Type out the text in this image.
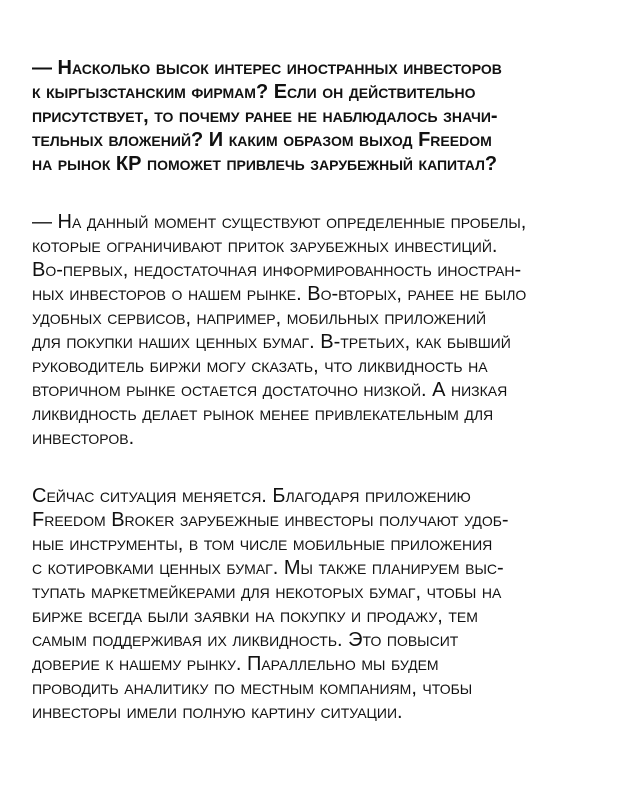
— Насколько высок интерес иностранных инвесторов
к кыргызстанским фирмам? Если он действительно
присутствует, то почему ранее не наблюдалось значи-
тельных вложений? И каким образом выход Freedom
на рынок КР поможет привлечь зарубежный капитал?

— На данный момент существуют определенные пробелы,
которые ограничивают приток зарубежных инвестиций.
Во-первых, недостаточная информированность иностран-
ных инвесторов о нашем рынке. Во-вторых, ранее не было
удобных сервисов, например, мобильных приложений
для покупки наших ценных бумаг. В-третьих, как бывший
руководитель биржи могу сказать, что ликвидность на
вторичном рынке остается достаточно низкой. А низкая
ликвидность делает рынок менее привлекательным для
инвесторов.

Сейчас ситуация меняется. Благодаря приложению
Freedom Broker зарубежные инвесторы получают удоб-
ные инструменты, в том числе мобильные приложения
с котировками ценных бумаг. Мы также планируем выс-
тупать маркетмейкерами для некоторых бумаг, чтобы на
бирже всегда были заявки на покупку и продажу, тем
самым поддерживая их ликвидность. Это повысит
доверие к нашему рынку. Параллельно мы будем
проводить аналитику по местным компаниям, чтобы
инвесторы имели полную картину ситуации.
